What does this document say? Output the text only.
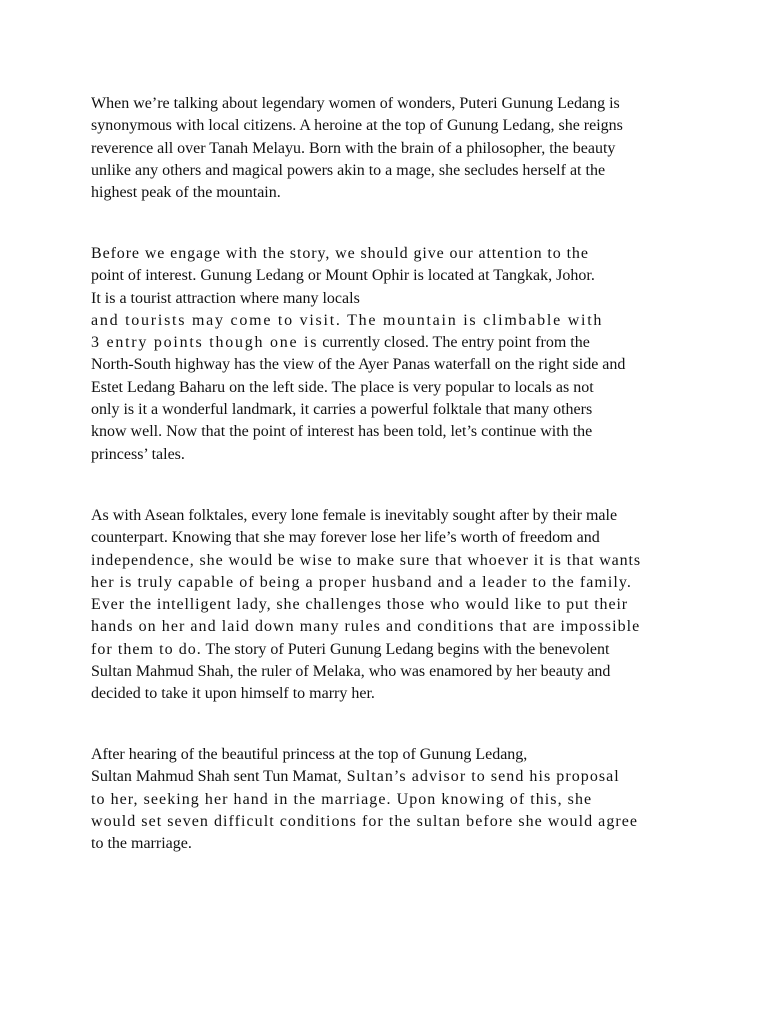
When we’re talking about legendary women of wonders, Puteri Gunung Ledang is
synonymous with local citizens. A heroine at the top of Gunung Ledang, she reigns
reverence all over Tanah Melayu. Born with the brain of a philosopher, the beauty
unlike any others and magical powers akin to a mage, she secludes herself at the
highest peak of the mountain.

Before we engage with the story, we should give our attention to the
point of interest. Gunung Ledang or Mount Ophir is located at Tangkak, Johor.
It is a tourist attraction where many locals
and tourists may come to visit. The mountain is climbable with
3 entry points though one is currently closed. The entry point from the
North-South highway has the view of the Ayer Panas waterfall on the right side and
Estet Ledang Baharu on the left side. The place is very popular to locals as not
only is it a wonderful landmark, it carries a powerful folktale that many others
know well. Now that the point of interest has been told, let’s continue with the
princess’ tales.

As with Asean folktales, every lone female is inevitably sought after by their male
counterpart. Knowing that she may forever lose her life’s worth of freedom and
independence, she would be wise to make sure that whoever it is that wants
her is truly capable of being a proper husband and a leader to the family.
Ever the intelligent lady, she challenges those who would like to put their
hands on her and laid down many rules and conditions that are impossible
for them to do. The story of Puteri Gunung Ledang begins with the benevolent
Sultan Mahmud Shah, the ruler of Melaka, who was enamored by her beauty and
decided to take it upon himself to marry her.

After hearing of the beautiful princess at the top of Gunung Ledang,
Sultan Mahmud Shah sent Tun Mamat, Sultan’s advisor to send his proposal
to her, seeking her hand in the marriage. Upon knowing of this, she
would set seven difficult conditions for the sultan before she would agree
to the marriage.
